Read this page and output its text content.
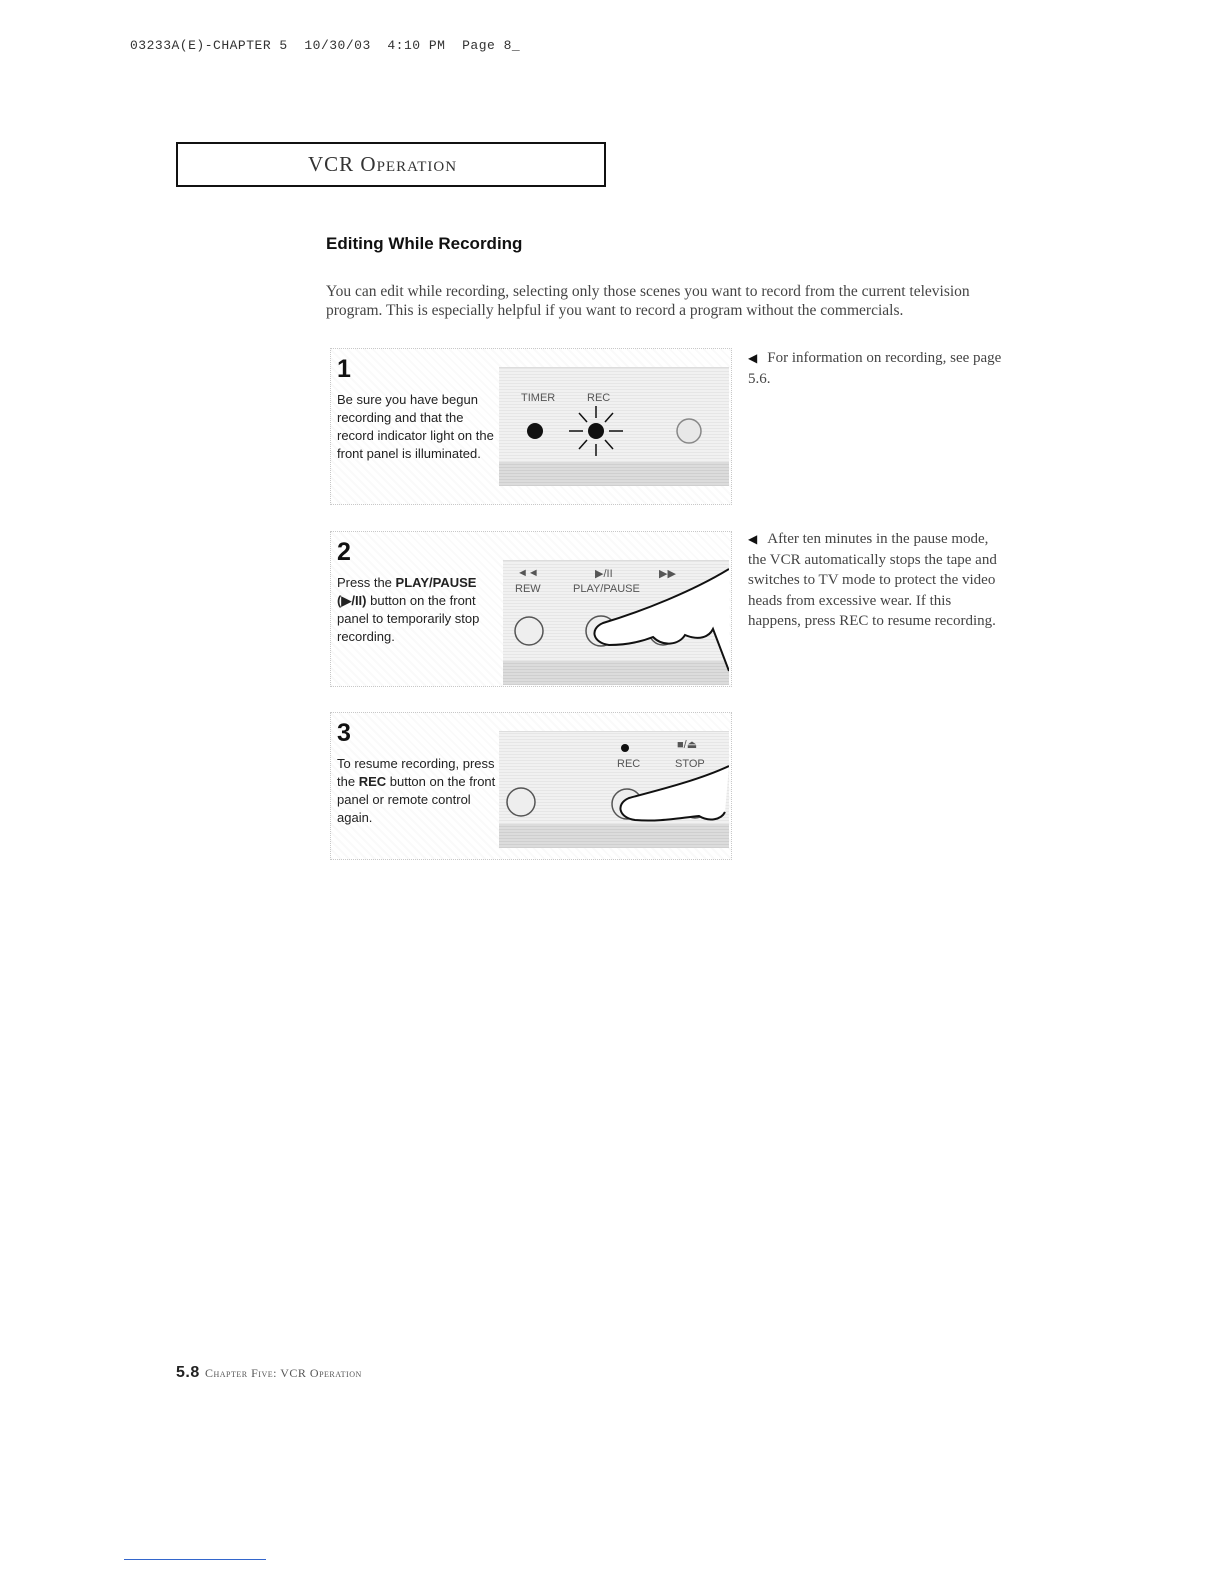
03233A(E)-CHAPTER 5 10/30/03 4:10 PM Page 8_
VCR Operation
Editing While Recording
You can edit while recording, selecting only those scenes you want to record from the current television program. This is especially helpful if you want to record a program without the commercials.
1
Be sure you have begun recording and that the record indicator light on the front panel is illuminated.
TIMER	REC
2
Press the PLAY/PAUSE
(▶/II) button on the front panel to temporarily stop recording.
◄◄	▶/II	▶▶
REW	PLAY/PAUSE
3
To resume recording, press the REC button on the front panel or remote control again.
REC
■/⏏
STOP
◀ For information on recording, see page 5.6.
◀ After ten minutes in the pause mode, the VCR automatically stops the tape and switches to TV mode to protect the video heads from excessive wear. If this happens, press REC to resume recording.
5.8 Chapter Five: VCR Operation
